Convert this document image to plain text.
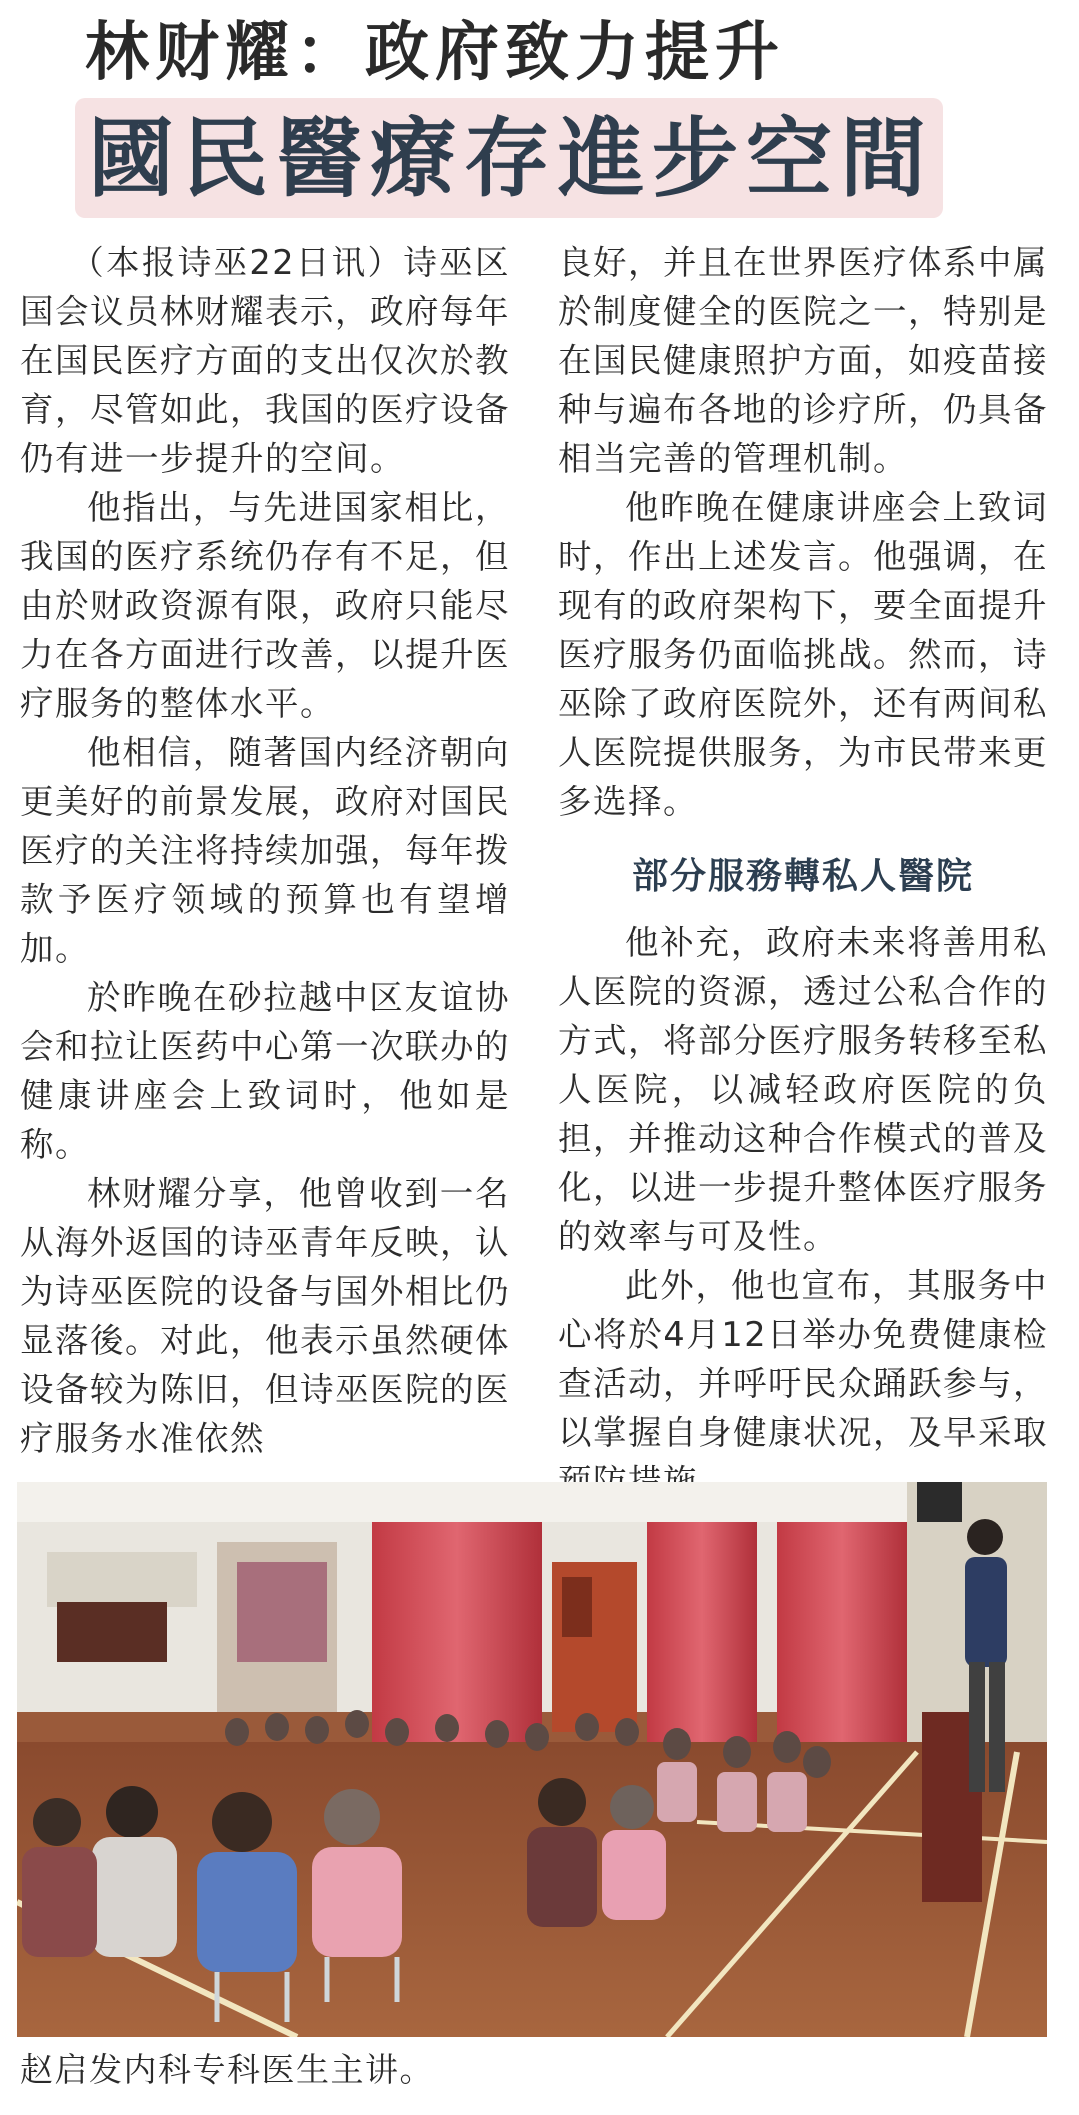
林财耀：政府致力提升
國民醫療存進步空間

（本报诗巫22日讯）诗巫区国会议员林财耀表示，政府每年在国民医疗方面的支出仅次於教育，尽管如此，我国的医疗设备仍有进一步提升的空间。

他指出，与先进国家相比，我国的医疗系统仍存有不足，但由於财政资源有限，政府只能尽力在各方面进行改善，以提升医疗服务的整体水平。

他相信，随著国内经济朝向更美好的前景发展，政府对国民医疗的关注将持续加强，每年拨款予医疗领域的预算也有望增加。

於昨晚在砂拉越中区友谊协会和拉让医药中心第一次联办的健康讲座会上致词时，他如是称。

林财耀分享，他曾收到一名从海外返国的诗巫青年反映，认为诗巫医院的设备与国外相比仍显落後。对此，他表示虽然硬体设备较为陈旧，但诗巫医院的医疗服务水准依然

良好，并且在世界医疗体系中属於制度健全的医院之一，特别是在国民健康照护方面，如疫苗接种与遍布各地的诊疗所，仍具备相当完善的管理机制。

他昨晚在健康讲座会上致词时，作出上述发言。他强调，在现有的政府架构下，要全面提升医疗服务仍面临挑战。然而，诗巫除了政府医院外，还有两间私人医院提供服务，为市民带来更多选择。

部分服務轉私人醫院

他补充，政府未来将善用私人医院的资源，透过公私合作的方式，将部分医疗服务转移至私人医院，以减轻政府医院的负担，并推动这种合作模式的普及化，以进一步提升整体医疗服务的效率与可及性。

此外，他也宣布，其服务中心将於4月12日举办免费健康检查活动，并呼吁民众踊跃参与，以掌握自身健康状况，及早采取

赵启发内科专科医生主讲。
